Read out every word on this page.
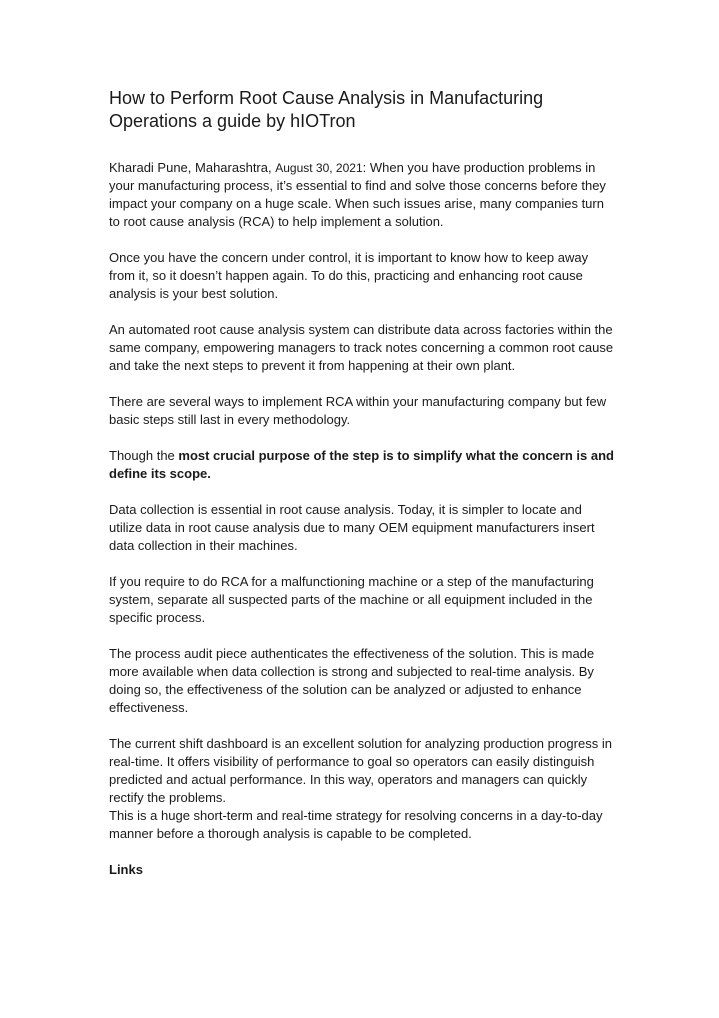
How to Perform Root Cause Analysis in Manufacturing Operations a guide by hIOTron

Kharadi Pune, Maharashtra, August 30, 2021: When you have production problems in your manufacturing process, it’s essential to find and solve those concerns before they impact your company on a huge scale. When such issues arise, many companies turn to root cause analysis (RCA) to help implement a solution.

Once you have the concern under control, it is important to know how to keep away from it, so it doesn’t happen again. To do this, practicing and enhancing root cause analysis is your best solution.

An automated root cause analysis system can distribute data across factories within the same company, empowering managers to track notes concerning a common root cause and take the next steps to prevent it from happening at their own plant.

There are several ways to implement RCA within your manufacturing company but few basic steps still last in every methodology.

Though the most crucial purpose of the step is to simplify what the concern is and define its scope.

Data collection is essential in root cause analysis. Today, it is simpler to locate and utilize data in root cause analysis due to many OEM equipment manufacturers insert data collection in their machines.

If you require to do RCA for a malfunctioning machine or a step of the manufacturing system, separate all suspected parts of the machine or all equipment included in the specific process.

The process audit piece authenticates the effectiveness of the solution. This is made more available when data collection is strong and subjected to real-time analysis. By doing so, the effectiveness of the solution can be analyzed or adjusted to enhance effectiveness.

The current shift dashboard is an excellent solution for analyzing production progress in real-time. It offers visibility of performance to goal so operators can easily distinguish predicted and actual performance. In this way, operators and managers can quickly rectify the problems.

This is a huge short-term and real-time strategy for resolving concerns in a day-to-day manner before a thorough analysis is capable to be completed.

Links
